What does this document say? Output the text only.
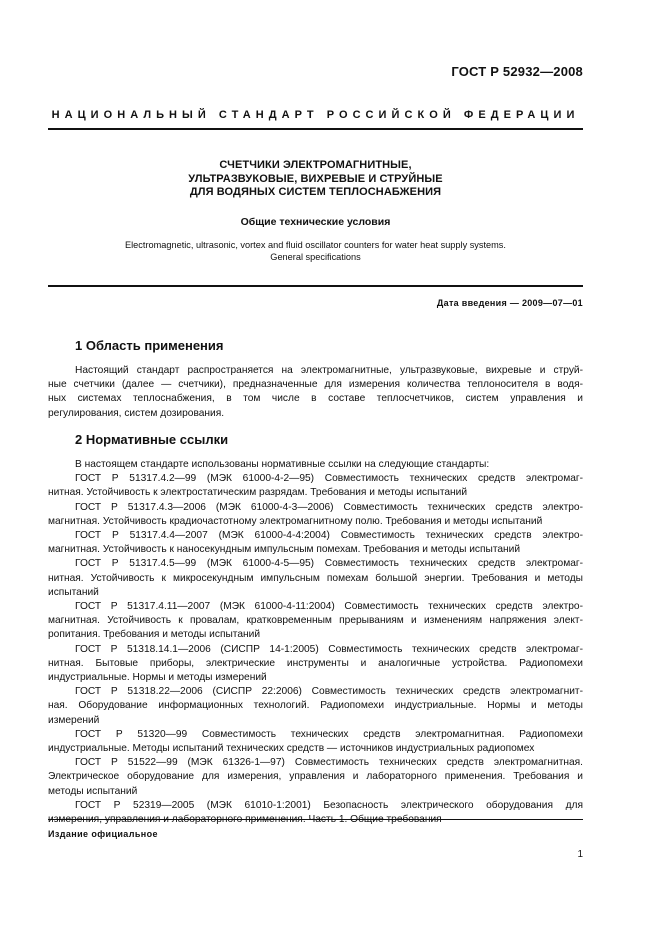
ГОСТ Р 52932—2008
НАЦИОНАЛЬНЫЙ СТАНДАРТ РОССИЙСКОЙ ФЕДЕРАЦИИ
СЧЕТЧИКИ ЭЛЕКТРОМАГНИТНЫЕ,
УЛЬТРАЗВУКОВЫЕ, ВИХРЕВЫЕ И СТРУЙНЫЕ
ДЛЯ ВОДЯНЫХ СИСТЕМ ТЕПЛОСНАБЖЕНИЯ
Общие технические условия
Electromagnetic, ultrasonic, vortex and fluid oscillator counters for water heat supply systems.
General specifications
Дата введения — 2009—07—01
1 Область применения
Настоящий стандарт распространяется на электромагнитные, ультразвуковые, вихревые и струй-
ные счетчики (далее — счетчики), предназначенные для измерения количества теплоносителя в водя-
ных системах теплоснабжения, в том числе в составе теплосчетчиков, систем управления и
регулирования, систем дозирования.
2 Нормативные ссылки
В настоящем стандарте использованы нормативные ссылки на следующие стандарты:
ГОСТ Р 51317.4.2—99 (МЭК 61000-4-2—95) Совместимость технических средств электромаг-
нитная. Устойчивость к электростатическим разрядам. Требования и методы испытаний
ГОСТ Р 51317.4.3—2006 (МЭК 61000-4-3—2006) Совместимость технических средств электро-
магнитная. Устойчивость крадиочастотному электромагнитному полю. Требования и методы испытаний
ГОСТ Р 51317.4.4—2007 (МЭК 61000-4-4:2004) Совместимость технических средств электро-
магнитная. Устойчивость к наносекундным импульсным помехам. Требования и методы испытаний
ГОСТ Р 51317.4.5—99 (МЭК 61000-4-5—95) Совместимость технических средств электромаг-
нитная. Устойчивость к микросекундным импульсным помехам большой энергии. Требования и методы
испытаний
ГОСТ Р 51317.4.11—2007 (МЭК 61000-4-11:2004) Совместимость технических средств электро-
магнитная. Устойчивость к провалам, кратковременным прерываниям и изменениям напряжения элект-
ропитания. Требования и методы испытаний
ГОСТ Р 51318.14.1—2006 (СИСПР 14-1:2005) Совместимость технических средств электромаг-
нитная. Бытовые приборы, электрические инструменты и аналогичные устройства. Радиопомехи
индустриальные. Нормы и методы измерений
ГОСТ Р 51318.22—2006 (СИСПР 22:2006) Совместимость технических средств электромагнит-
ная. Оборудование информационных технологий. Радиопомехи индустриальные. Нормы и методы
измерений
ГОСТ Р 51320—99 Совместимость технических средств электромагнитная. Радиопомехи
индустриальные. Методы испытаний технических средств — источников индустриальных радиопомех
ГОСТ Р 51522—99 (МЭК 61326-1—97) Совместимость технических средств электромагнитная.
Электрическое оборудование для измерения, управления и лабораторного применения. Требования и
методы испытаний
ГОСТ Р 52319—2005 (МЭК 61010-1:2001) Безопасность электрического оборудования для
измерения, управления и лабораторного применения. Часть 1. Общие требования
Издание официальное
1
